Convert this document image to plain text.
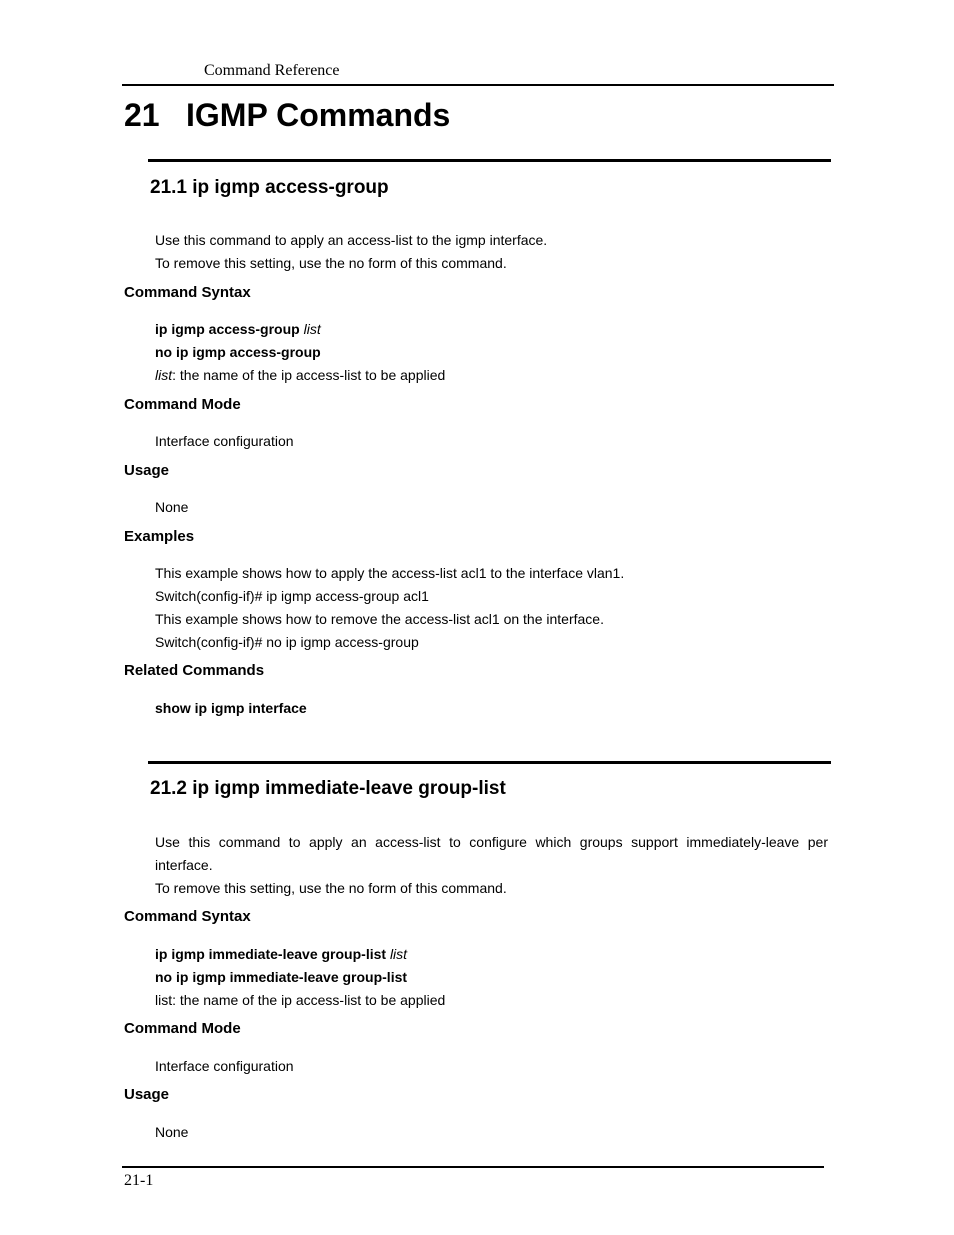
Command Reference
21 IGMP Commands
21.1 ip igmp access-group
Use this command to apply an access-list to the igmp interface.
To remove this setting, use the no form of this command.
Command Syntax
ip igmp access-group list
no ip igmp access-group
list: the name of the ip access-list to be applied
Command Mode
Interface configuration
Usage
None
Examples
This example shows how to apply the access-list acl1 to the interface vlan1.
Switch(config-if)# ip igmp access-group acl1
This example shows how to remove the access-list acl1 on the interface.
Switch(config-if)# no ip igmp access-group
Related Commands
show ip igmp interface
21.2 ip igmp immediate-leave group-list
Use this command to apply an access-list to configure which groups support immediately-leave per
interface.
To remove this setting, use the no form of this command.
Command Syntax
ip igmp immediate-leave group-list list
no ip igmp immediate-leave group-list
list: the name of the ip access-list to be applied
Command Mode
Interface configuration
Usage
None
21-1
